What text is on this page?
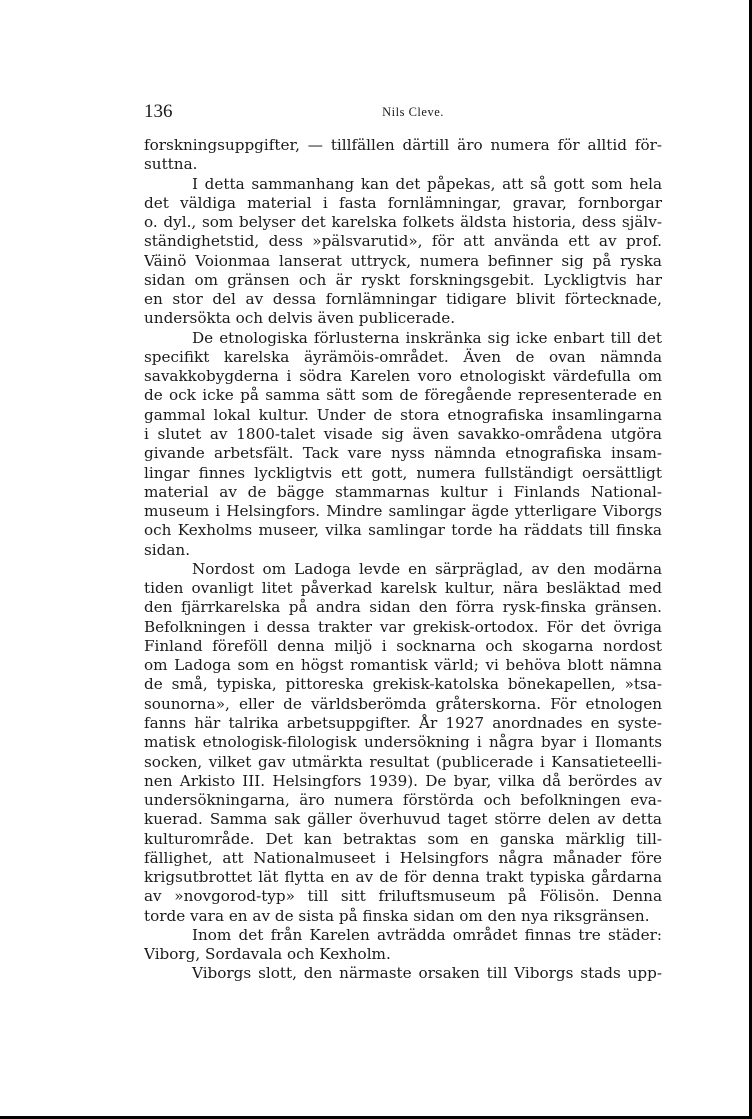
136	Nils Cleve.
forskningsuppgifter, — tillfällen därtill äro numera för alltid för-
suttna.
I detta sammanhang kan det påpekas, att så gott som hela
det väldiga material i fasta fornlämningar, gravar, fornborgar
o. dyl., som belyser det karelska folkets äldsta historia, dess själv-
ständighetstid, dess »pälsvarutid», för att använda ett av prof.
Väinö Voionmaa lanserat uttryck, numera befinner sig på ryska
sidan om gränsen och är ryskt forskningsgebit. Lyckligtvis har
en stor del av dessa fornlämningar tidigare blivit förtecknade,
undersökta och delvis även publicerade.
De etnologiska förlusterna inskränka sig icke enbart till det
specifikt karelska äyrämöis-området. Även de ovan nämnda
savakkobygderna i södra Karelen voro etnologiskt värdefulla om
de ock icke på samma sätt som de föregående representerade en
gammal lokal kultur. Under de stora etnografiska insamlingarna
i slutet av 1800-talet visade sig även savakko-områdena utgöra
givande arbetsfält. Tack vare nyss nämnda etnografiska insam-
lingar finnes lyckligtvis ett gott, numera fullständigt oersättligt
material av de bägge stammarnas kultur i Finlands National-
museum i Helsingfors. Mindre samlingar ägde ytterligare Viborgs
och Kexholms museer, vilka samlingar torde ha räddats till finska
sidan.
Nordost om Ladoga levde en särpräglad, av den modärna
tiden ovanligt litet påverkad karelsk kultur, nära besläktad med
den fjärrkarelska på andra sidan den förra rysk-finska gränsen.
Befolkningen i dessa trakter var grekisk-ortodox. För det övriga
Finland föreföll denna miljö i socknarna och skogarna nordost
om Ladoga som en högst romantisk värld; vi behöva blott nämna
de små, typiska, pittoreska grekisk-katolska bönekapellen, »tsa-
sounorna», eller de världsberömda gråterskorna. För etnologen
fanns här talrika arbetsuppgifter. År 1927 anordnades en syste-
matisk etnologisk-filologisk undersökning i några byar i Ilomants
socken, vilket gav utmärkta resultat (publicerade i Kansatieteelli-
nen Arkisto III. Helsingfors 1939). De byar, vilka då berördes av
undersökningarna, äro numera förstörda och befolkningen eva-
kuerad. Samma sak gäller överhuvud taget större delen av detta
kulturområde. Det kan betraktas som en ganska märklig till-
fällighet, att Nationalmuseet i Helsingfors några månader före
krigsutbrottet lät flytta en av de för denna trakt typiska gårdarna
av »novgorod-typ» till sitt friluftsmuseum på Fölisön. Denna
torde vara en av de sista på finska sidan om den nya riksgränsen.
Inom det från Karelen avträdda området finnas tre städer:
Viborg, Sordavala och Kexholm.
Viborgs slott, den närmaste orsaken till Viborgs stads upp-
